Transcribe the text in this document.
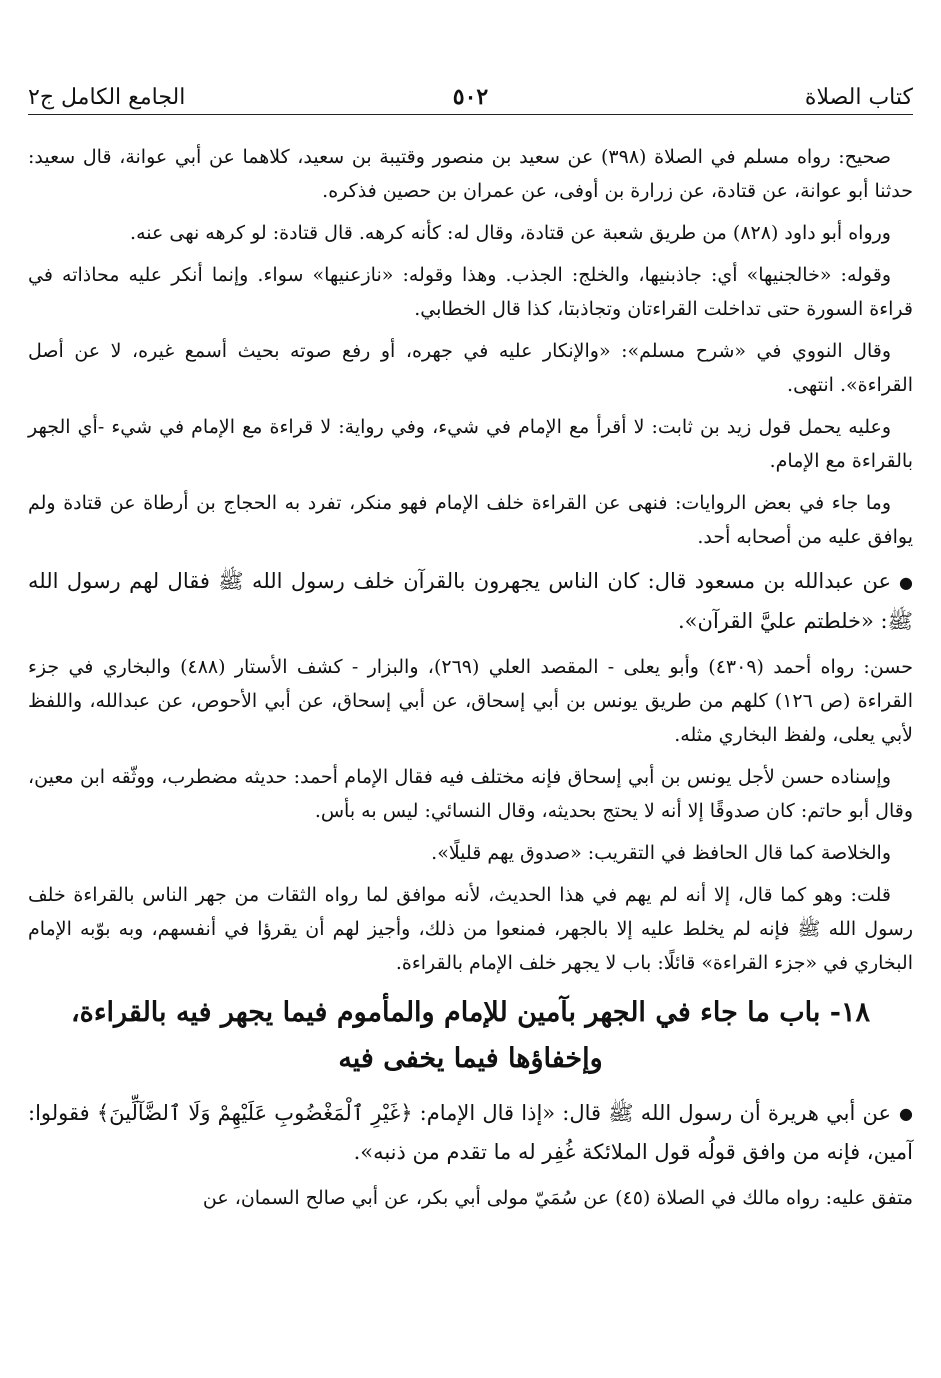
كتاب الصلاة
٥٠٢
الجامع الكامل ج٢

صحيح: رواه مسلم في الصلاة (٣٩٨) عن سعيد بن منصور وقتيبة بن سعيد، كلاهما عن أبي عوانة، قال سعيد: حدثنا أبو عوانة، عن قتادة، عن زرارة بن أوفى، عن عمران بن حصين فذكره.

ورواه أبو داود (٨٢٨) من طريق شعبة عن قتادة، وقال له: كأنه كرهه. قال قتادة: لو كرهه نهى عنه.

وقوله: «خالجنيها» أي: جاذبنيها، والخلج: الجذب. وهذا وقوله: «نازعنيها» سواء. وإنما أنكر عليه محاذاته في قراءة السورة حتى تداخلت القراءتان وتجاذبتا، كذا قال الخطابي.

وقال النووي في «شرح مسلم»: «والإنكار عليه في جهره، أو رفع صوته بحيث أسمع غيره، لا عن أصل القراءة». انتهى.

وعليه يحمل قول زيد بن ثابت: لا أقرأ مع الإمام في شيء، وفي رواية: لا قراءة مع الإمام في شيء -أي الجهر بالقراءة مع الإمام.

وما جاء في بعض الروايات: فنهى عن القراءة خلف الإمام فهو منكر، تفرد به الحجاج بن أرطاة عن قتادة ولم يوافق عليه من أصحابه أحد.

●عن عبدالله بن مسعود قال: كان الناس يجهرون بالقرآن خلف رسول الله ﷺ فقال لهم رسول الله ﷺ: «خلطتم عليَّ القرآن».

حسن: رواه أحمد (٤٣٠٩) وأبو يعلى - المقصد العلي (٢٦٩)، والبزار - كشف الأستار (٤٨٨) والبخاري في جزء القراءة (ص ١٢٦) كلهم من طريق يونس بن أبي إسحاق، عن أبي إسحاق، عن أبي الأحوص، عن عبدالله، واللفظ لأبي يعلى، ولفظ البخاري مثله.

وإسناده حسن لأجل يونس بن أبي إسحاق فإنه مختلف فيه فقال الإمام أحمد: حديثه مضطرب، ووثّقه ابن معين، وقال أبو حاتم: كان صدوقًا إلا أنه لا يحتج بحديثه، وقال النسائي: ليس به بأس.

والخلاصة كما قال الحافظ في التقريب: «صدوق يهم قليلًا».

قلت: وهو كما قال، إلا أنه لم يهم في هذا الحديث، لأنه موافق لما رواه الثقات من جهر الناس بالقراءة خلف رسول الله ﷺ فإنه لم يخلط عليه إلا بالجهر، فمنعوا من ذلك، وأجيز لهم أن يقرؤا في أنفسهم، وبه بوّبه الإمام البخاري في «جزء القراءة» قائلًا: باب لا يجهر خلف الإمام بالقراءة.

١٨- باب ما جاء في الجهر بآمين للإمام والمأموم فيما يجهر فيه بالقراءة، وإخفاؤها فيما يخفى فيه

●عن أبي هريرة أن رسول الله ﷺ قال: «إذا قال الإمام: ﴿غَيْرِ ٱلْمَغْضُوبِ عَلَيْهِمْ وَلَا ٱلضَّآلِّينَ﴾ فقولوا: آمين، فإنه من وافق قولُه قول الملائكة غُفِر له ما تقدم من ذنبه».

متفق عليه: رواه مالك في الصلاة (٤٥) عن سُمَيّ مولى أبي بكر، عن أبي صالح السمان، عن
